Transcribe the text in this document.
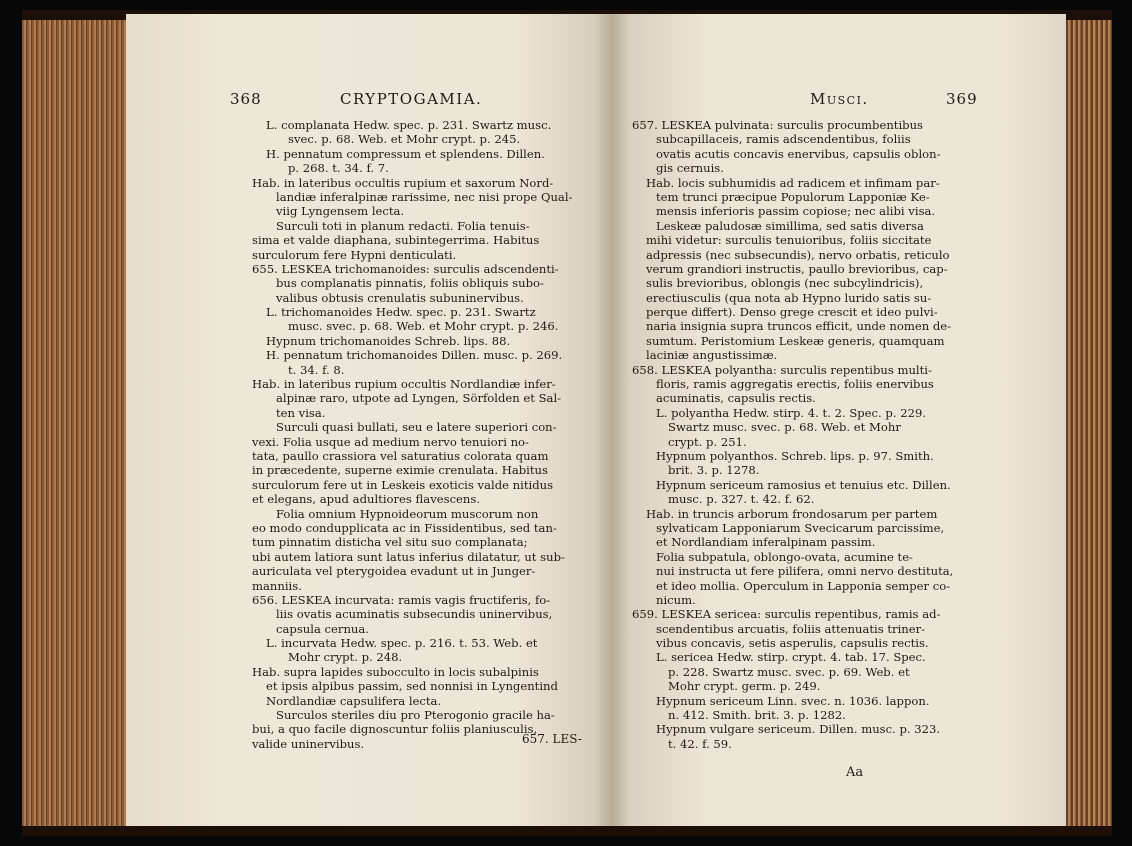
368	CRYPTOGAMIA.
L. complanata Hedw. spec. p. 231. Swartz musc.
svec. p. 68. Web. et Mohr crypt. p. 245.
H. pennatum compressum et splendens. Dillen.
p. 268. t. 34. f. 7.
Hab. in lateribus occultis rupium et saxorum Nord-
landiæ inferalpinæ rarissime, nec nisi prope Qual-
viig Lyngensem lecta.
Surculi toti in planum redacti. Folia tenuis-
sima et valde diaphana, subintegerrima. Habitus
surculorum fere Hypni denticulati.
655. LESKEA trichomanoides: surculis adscendenti-
bus complanatis pinnatis, foliis obliquis subo-
valibus obtusis crenulatis subuninervibus.
L. trichomanoides Hedw. spec. p. 231. Swartz
musc. svec. p. 68. Web. et Mohr crypt. p. 246.
Hypnum trichomanoides Schreb. lips. 88.
H. pennatum trichomanoides Dillen. musc. p. 269.
t. 34. f. 8.
Hab. in lateribus rupium occultis Nordlandiæ infer-
alpinæ raro, utpote ad Lyngen, Sörfolden et Sal-
ten visa.
Surculi quasi bullati, seu e latere superiori con-
vexi. Folia usque ad medium nervo tenuiori no-
tata, paullo crassiora vel saturatius colorata quam
in præcedente, superne eximie crenulata. Habitus
surculorum fere ut in Leskeis exoticis valde nitidus
et elegans, apud adultiores flavescens.
Folia omnium Hypnoideorum muscorum non
eo modo condupplicata ac in Fissidentibus, sed tan-
tum pinnatim disticha vel situ suo complanata;
ubi autem latiora sunt latus inferius dilatatur, ut sub-
auriculata vel pterygoidea evadunt ut in Junger-
manniis.
656. LESKEA incurvata: ramis vagis fructiferis, fo-
liis ovatis acuminatis subsecundis uninervibus,
capsula cernua.
L. incurvata Hedw. spec. p. 216. t. 53. Web. et
Mohr crypt. p. 248.
Hab. supra lapides subocculto in locis subalpinis
et ipsis alpibus passim, sed nonnisi in Lyngentind
Nordlandiæ capsulifera lecta.
Surculos steriles diu pro Pterogonio gracile ha-
bui, a quo facile dignoscuntur foliis planiusculis,
valide uninervibus.	657. LES-
Musci.	369
657. LESKEA pulvinata: surculis procumbentibus
subcapillaceis, ramis adscendentibus, foliis
ovatis acutis concavis enervibus, capsulis oblon-
gis cernuis.
Hab. locis subhumidis ad radicem et infimam par-
tem trunci præcipue Populorum Lapponiæ Ke-
mensis inferioris passim copiose; nec alibi visa.
Leskeæ paludosæ simillima, sed satis diversa
mihi videtur: surculis tenuioribus, foliis siccitate
adpressis (nec subsecundis), nervo orbatis, reticulo
verum grandiori instructis, paullo brevioribus, cap-
sulis brevioribus, oblongis (nec subcylindricis),
erectiusculis (qua nota ab Hypno lurido satis su-
perque differt). Denso grege crescit et ideo pulvi-
naria insignia supra truncos efficit, unde nomen de-
sumtum. Peristomium Leskeæ generis, quamquam
laciniæ angustissimæ.
658. LESKEA polyantha: surculis repentibus multi-
floris, ramis aggregatis erectis, foliis enervibus
acuminatis, capsulis rectis.
L. polyantha Hedw. stirp. 4. t. 2. Spec. p. 229.
Swartz musc. svec. p. 68. Web. et Mohr
crypt. p. 251.
Hypnum polyanthos. Schreb. lips. p. 97. Smith.
brit. 3. p. 1278.
Hypnum sericeum ramosius et tenuius etc. Dillen.
musc. p. 327. t. 42. f. 62.
Hab. in truncis arborum frondosarum per partem
sylvaticam Lapponiarum Svecicarum parcissime,
et Nordlandiam inferalpinam passim.
Folia subpatula, oblongo-ovata, acumine te-
nui instructa ut fere pilifera, omni nervo destituta,
et ideo mollia. Operculum in Lapponia semper co-
nicum.
659. LESKEA sericea: surculis repentibus, ramis ad-
scendentibus arcuatis, foliis attenuatis triner-
vibus concavis, setis asperulis, capsulis rectis.
L. sericea Hedw. stirp. crypt. 4. tab. 17. Spec.
p. 228. Swartz musc. svec. p. 69. Web. et
Mohr crypt. germ. p. 249.
Hypnum sericeum Linn. svec. n. 1036. lappon.
n. 412. Smith. brit. 3. p. 1282.
Hypnum vulgare sericeum. Dillen. musc. p. 323.
t. 42. f. 59.
Aa
